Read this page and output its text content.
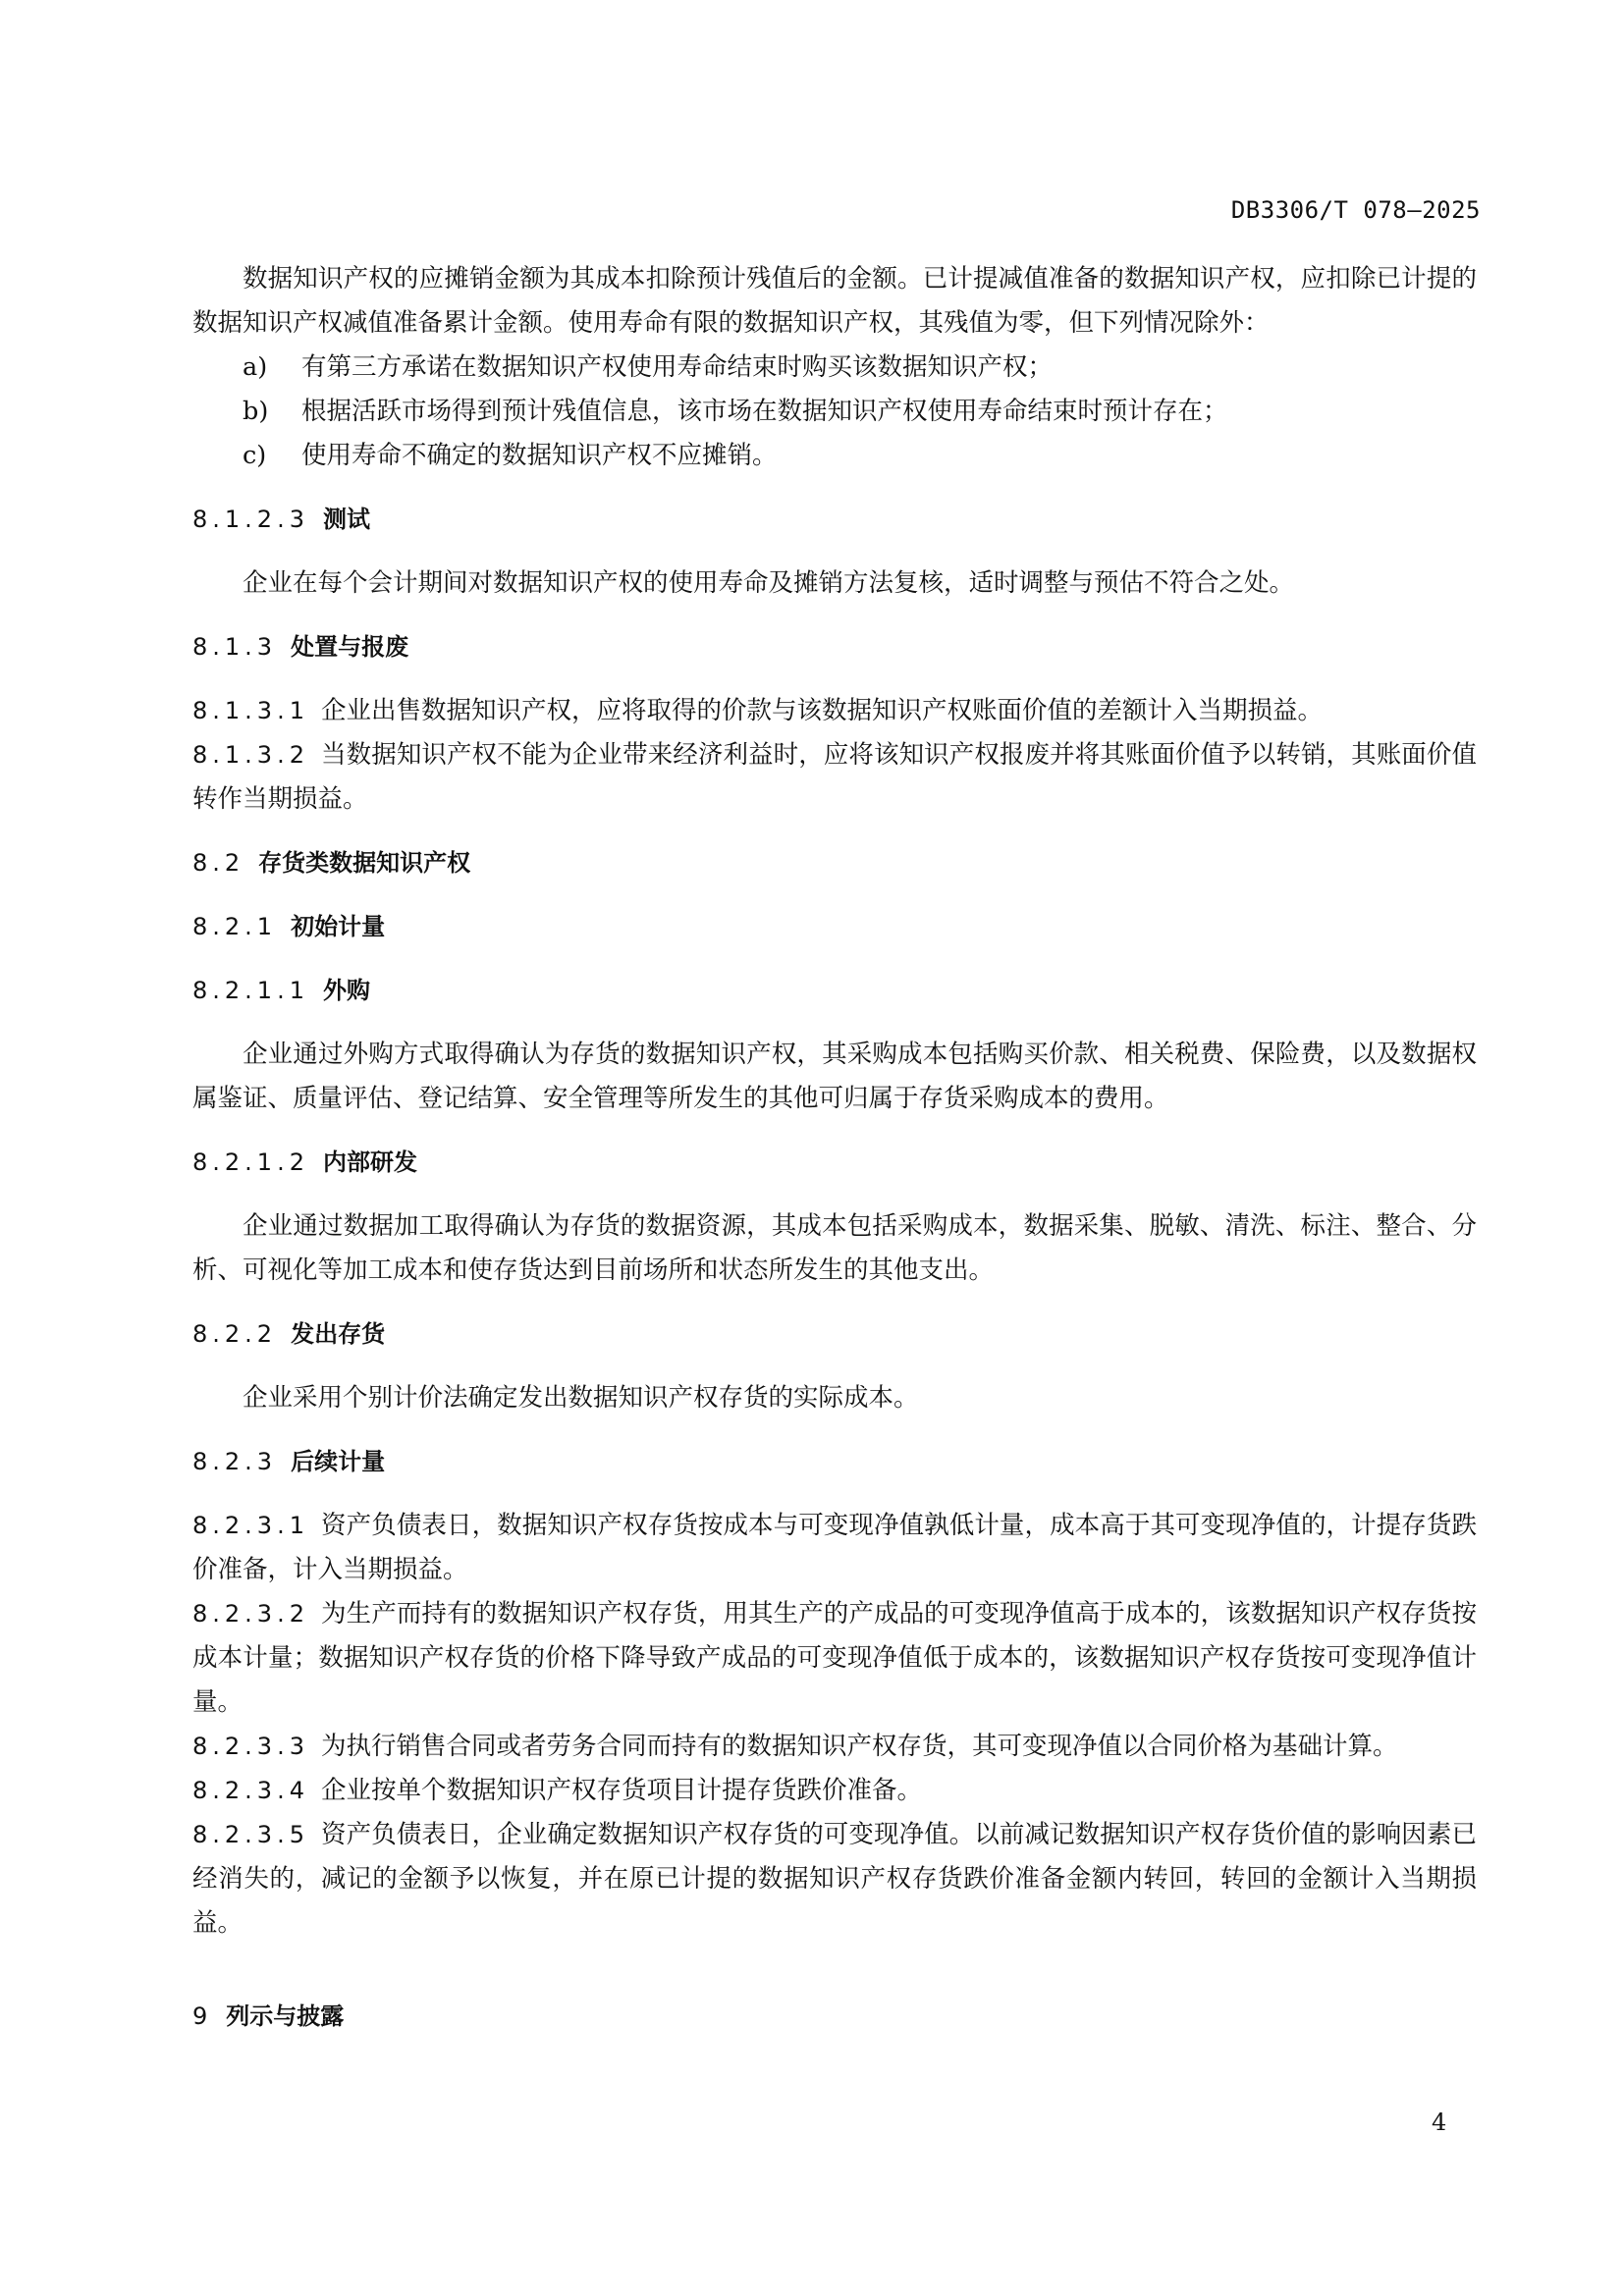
DB3306/T 078—2025
数据知识产权的应摊销金额为其成本扣除预计残值后的金额。已计提减值准备的数据知识产权，应扣除已计提的数据知识产权减值准备累计金额。使用寿命有限的数据知识产权，其残值为零，但下列情况除外：
a)	有第三方承诺在数据知识产权使用寿命结束时购买该数据知识产权；
b)	根据活跃市场得到预计残值信息，该市场在数据知识产权使用寿命结束时预计存在；
c)	使用寿命不确定的数据知识产权不应摊销。
8.1.2.3 测试
企业在每个会计期间对数据知识产权的使用寿命及摊销方法复核，适时调整与预估不符合之处。
8.1.3 处置与报废
8.1.3.1 企业出售数据知识产权，应将取得的价款与该数据知识产权账面价值的差额计入当期损益。
8.1.3.2 当数据知识产权不能为企业带来经济利益时，应将该知识产权报废并将其账面价值予以转销，其账面价值转作当期损益。
8.2 存货类数据知识产权
8.2.1 初始计量
8.2.1.1 外购
企业通过外购方式取得确认为存货的数据知识产权，其采购成本包括购买价款、相关税费、保险费，以及数据权属鉴证、质量评估、登记结算、安全管理等所发生的其他可归属于存货采购成本的费用。
8.2.1.2 内部研发
企业通过数据加工取得确认为存货的数据资源，其成本包括采购成本，数据采集、脱敏、清洗、标注、整合、分析、可视化等加工成本和使存货达到目前场所和状态所发生的其他支出。
8.2.2 发出存货
企业采用个别计价法确定发出数据知识产权存货的实际成本。
8.2.3 后续计量
8.2.3.1 资产负债表日，数据知识产权存货按成本与可变现净值孰低计量，成本高于其可变现净值的，计提存货跌价准备，计入当期损益。
8.2.3.2 为生产而持有的数据知识产权存货，用其生产的产成品的可变现净值高于成本的，该数据知识产权存货按成本计量；数据知识产权存货的价格下降导致产成品的可变现净值低于成本的，该数据知识产权存货按可变现净值计量。
8.2.3.3 为执行销售合同或者劳务合同而持有的数据知识产权存货，其可变现净值以合同价格为基础计算。
8.2.3.4 企业按单个数据知识产权存货项目计提存货跌价准备。
8.2.3.5 资产负债表日，企业确定数据知识产权存货的可变现净值。以前减记数据知识产权存货价值的影响因素已经消失的，减记的金额予以恢复，并在原已计提的数据知识产权存货跌价准备金额内转回，转回的金额计入当期损益。
9 列示与披露
4
